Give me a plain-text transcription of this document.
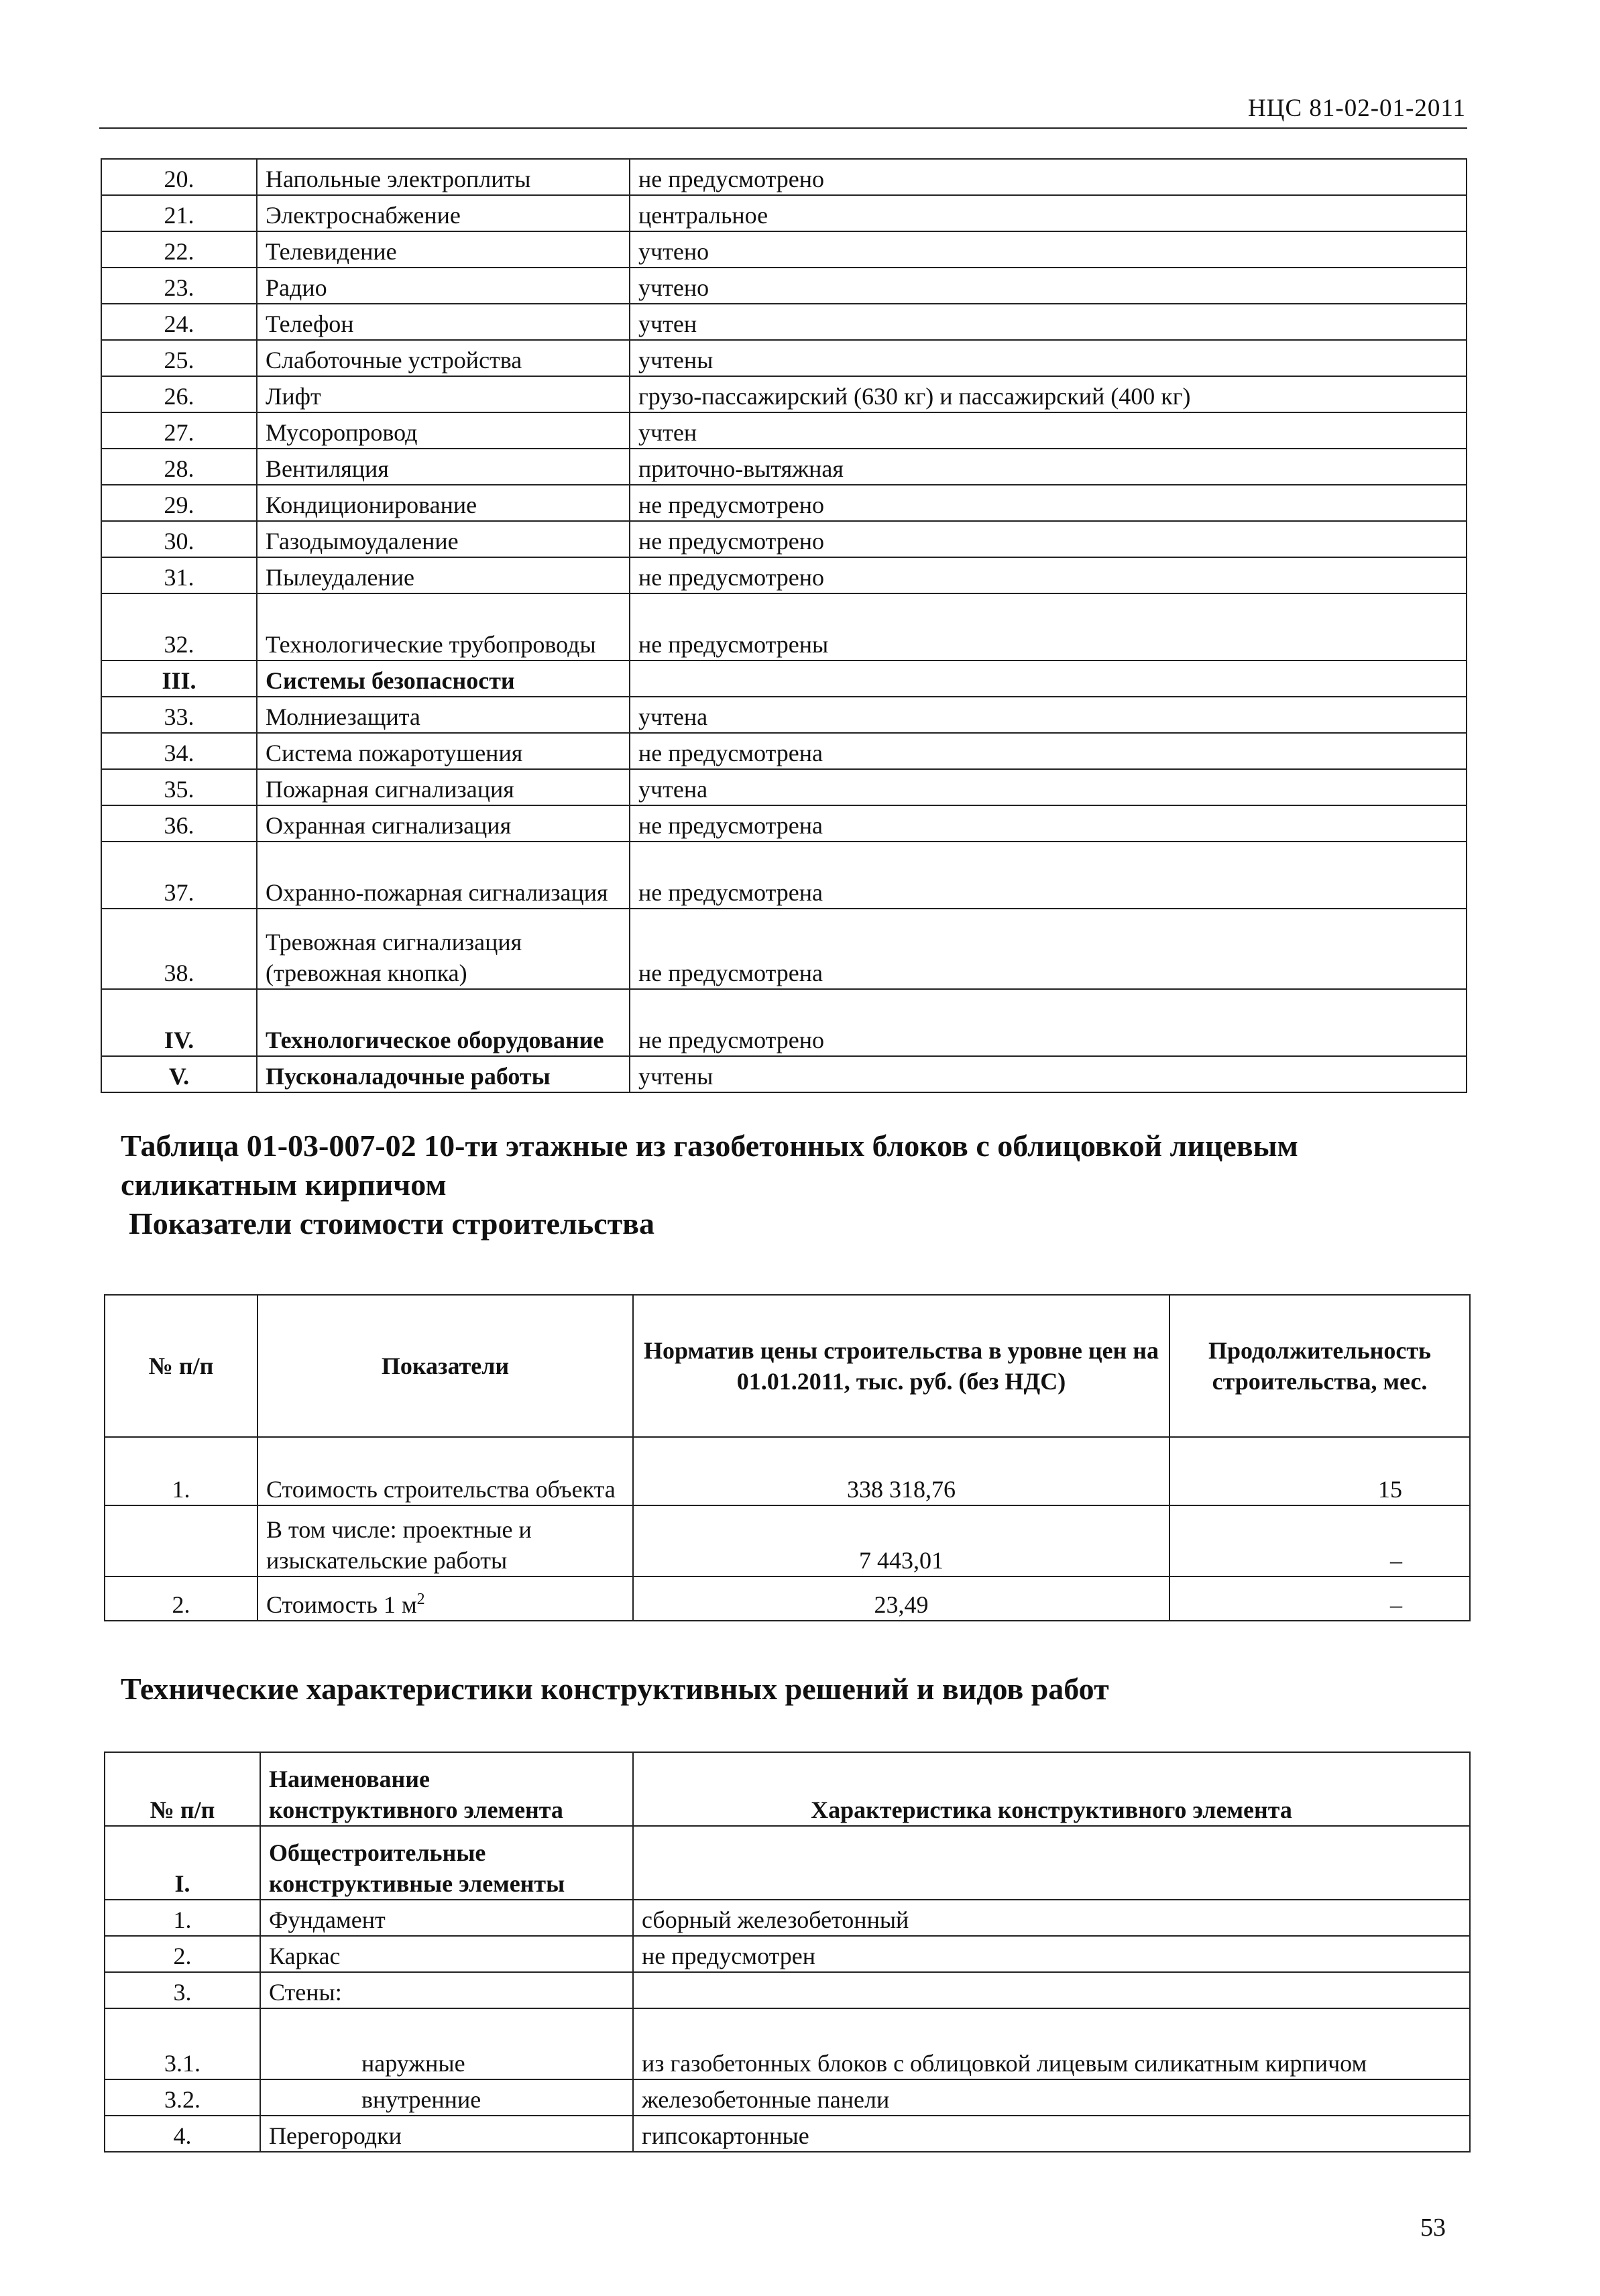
НЦС 81-02-01-2011
20.	Напольные электроплиты	не предусмотрено
21.	Электроснабжение	центральное
22.	Телевидение	учтено
23.	Радио	учтено
24.	Телефон	учтен
25.	Слаботочные устройства	учтены
26.	Лифт	грузо-пассажирский (630 кг) и пассажирский (400 кг)
27.	Мусоропровод	учтен
28.	Вентиляция	приточно-вытяжная
29.	Кондиционирование	не предусмотрено
30.	Газодымоудаление	не предусмотрено
31.	Пылеудаление	не предусмотрено
32.	Технологические трубопроводы	не предусмотрены
III.	Системы безопасности	
33.	Молниезащита	учтена
34.	Система пожаротушения	не предусмотрена
35.	Пожарная сигнализация	учтена
36.	Охранная сигнализация	не предусмотрена
37.	Охранно-пожарная сигнализация	не предусмотрена
38.	Тревожная сигнализация (тревожная кнопка)	не предусмотрена
IV.	Технологическое оборудование	не предусмотрено
V.	Пусконаладочные работы	учтены
Таблица 01-03-007-02 10-ти этажные из газобетонных блоков с облицовкой лицевым
силикатным кирпичом
Показатели стоимости строительства
№ п/п	Показатели	Норматив цены строительства в уровне цен на 01.01.2011, тыс. руб. (без НДС)	Продолжительность строительства, мес.
1.	Стоимость строительства объекта	338 318,76	15
	В том числе: проектные и изыскательские работы	7 443,01	–
2.	Стоимость 1 $м^2$	23,49	–
Технические характеристики конструктивных решений и видов работ
№ п/п	Наименование конструктивного элемента	Характеристика конструктивного элемента
I.	Общестроительные конструктивные элементы	
1.	Фундамент	сборный железобетонный
2.	Каркас	не предусмотрен
3.	Стены:	
3.1.	наружные	из газобетонных блоков с облицовкой лицевым силикатным кирпичом
3.2.	внутренние	железобетонные панели
4.	Перегородки	гипсокартонные
53
